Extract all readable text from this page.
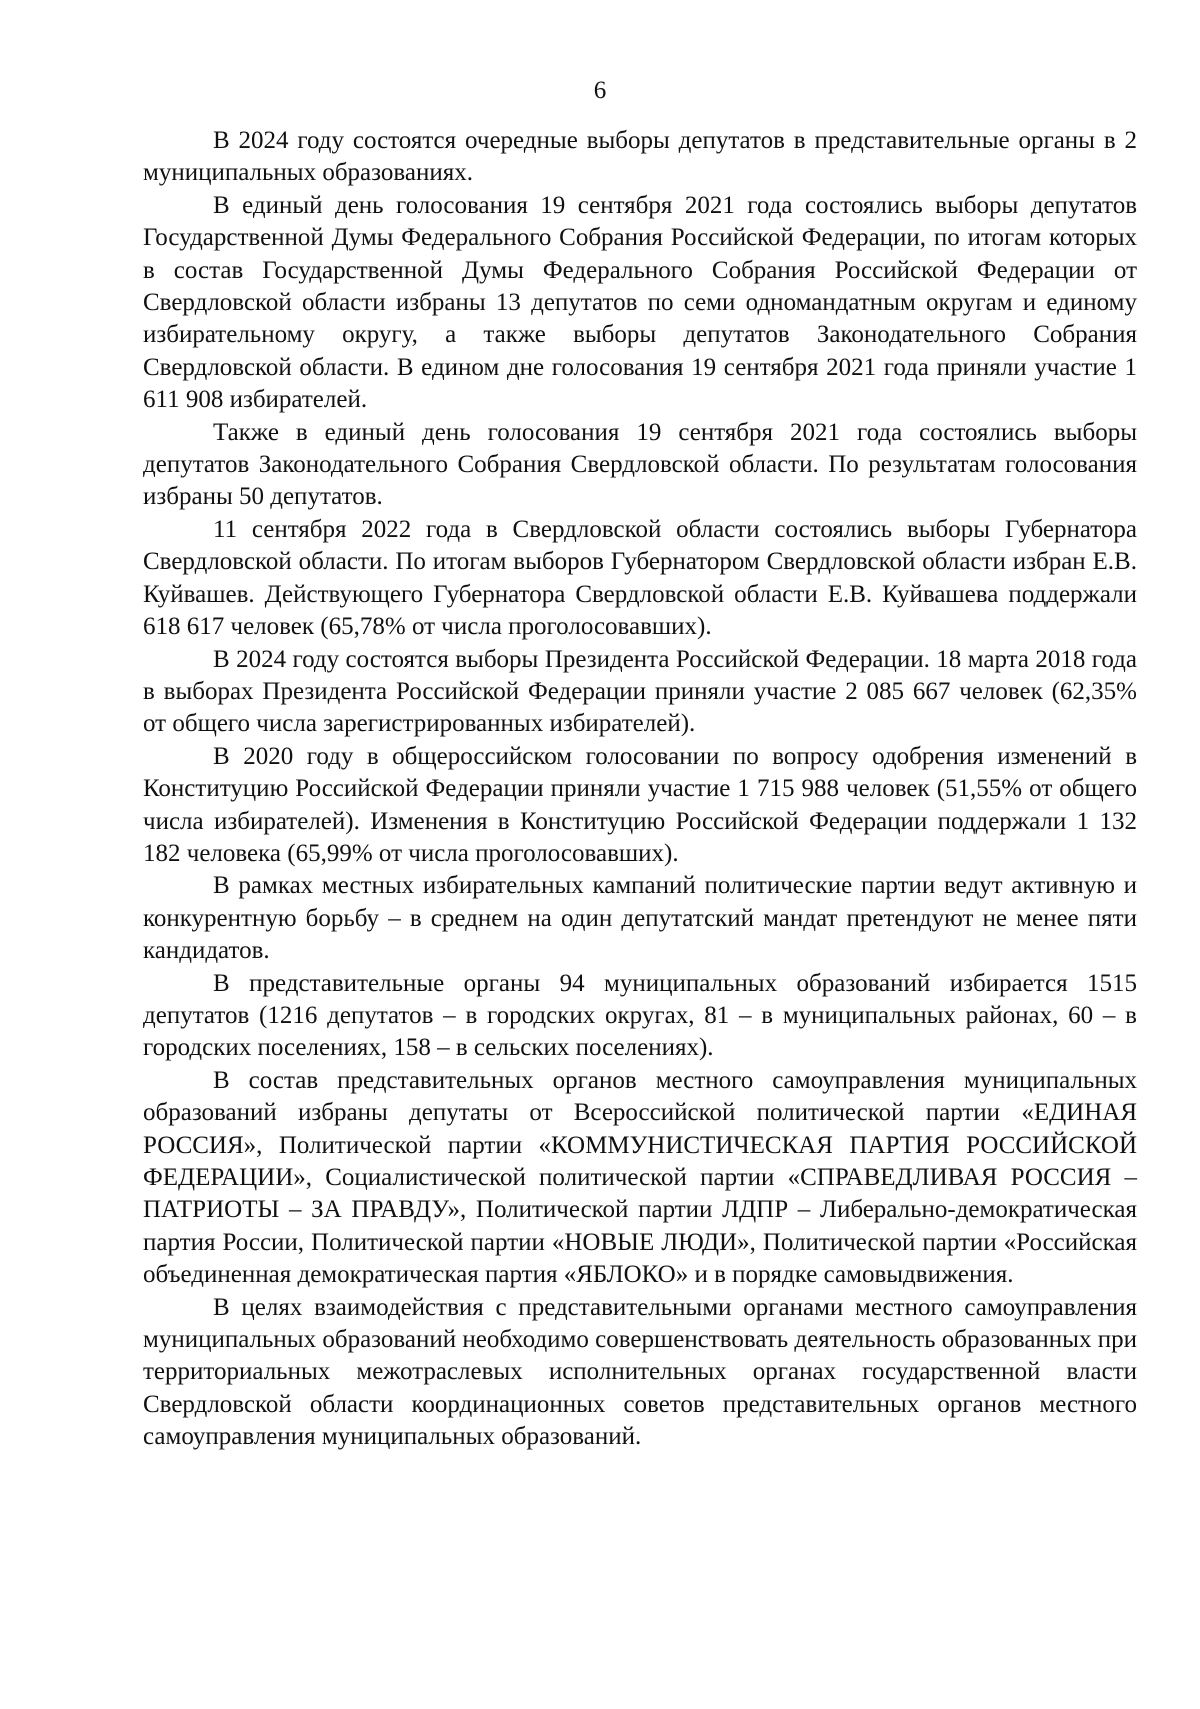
6

В 2024 году состоятся очередные выборы депутатов в представительные органы в 2 муниципальных образованиях.

В единый день голосования 19 сентября 2021 года состоялись выборы депутатов Государственной Думы Федерального Собрания Российской Федерации, по итогам которых в состав Государственной Думы Федерального Собрания Российской Федерации от Свердловской области избраны 13 депутатов по семи одномандатным округам и единому избирательному округу, а также выборы депутатов Законодательного Собрания Свердловской области. В едином дне голосования 19 сентября 2021 года приняли участие 1 611 908 избирателей.

Также в единый день голосования 19 сентября 2021 года состоялись выборы депутатов Законодательного Собрания Свердловской области. По результатам голосования избраны 50 депутатов.

11 сентября 2022 года в Свердловской области состоялись выборы Губернатора Свердловской области. По итогам выборов Губернатором Свердловской области избран Е.В. Куйвашев. Действующего Губернатора Свердловской области Е.В. Куйвашева поддержали 618 617 человек (65,78% от числа проголосовавших).

В 2024 году состоятся выборы Президента Российской Федерации. 18 марта 2018 года в выборах Президента Российской Федерации приняли участие 2 085 667 человек (62,35% от общего числа зарегистрированных избирателей).

В 2020 году в общероссийском голосовании по вопросу одобрения изменений в Конституцию Российской Федерации приняли участие 1 715 988 человек (51,55% от общего числа избирателей). Изменения в Конституцию Российской Федерации поддержали 1 132 182 человека (65,99% от числа проголосовавших).

В рамках местных избирательных кампаний политические партии ведут активную и конкурентную борьбу – в среднем на один депутатский мандат претендуют не менее пяти кандидатов.

В представительные органы 94 муниципальных образований избирается 1515 депутатов (1216 депутатов – в городских округах, 81 – в муниципальных районах, 60 – в городских поселениях, 158 – в сельских поселениях).

В состав представительных органов местного самоуправления муниципальных образований избраны депутаты от Всероссийской политической партии «ЕДИНАЯ РОССИЯ», Политической партии «КОММУНИСТИЧЕСКАЯ ПАРТИЯ РОССИЙСКОЙ ФЕДЕРАЦИИ», Социалистической политической партии «СПРАВЕДЛИВАЯ РОССИЯ – ПАТРИОТЫ – ЗА ПРАВДУ», Политической партии ЛДПР – Либерально-демократическая партия России, Политической партии «НОВЫЕ ЛЮДИ», Политической партии «Российская объединенная демократическая партия «ЯБЛОКО» и в порядке самовыдвижения.

В целях взаимодействия с представительными органами местного самоуправления муниципальных образований необходимо совершенствовать деятельность образованных при территориальных межотраслевых исполнительных органах государственной власти Свердловской области координационных советов представительных органов местного самоуправления муниципальных образований.
